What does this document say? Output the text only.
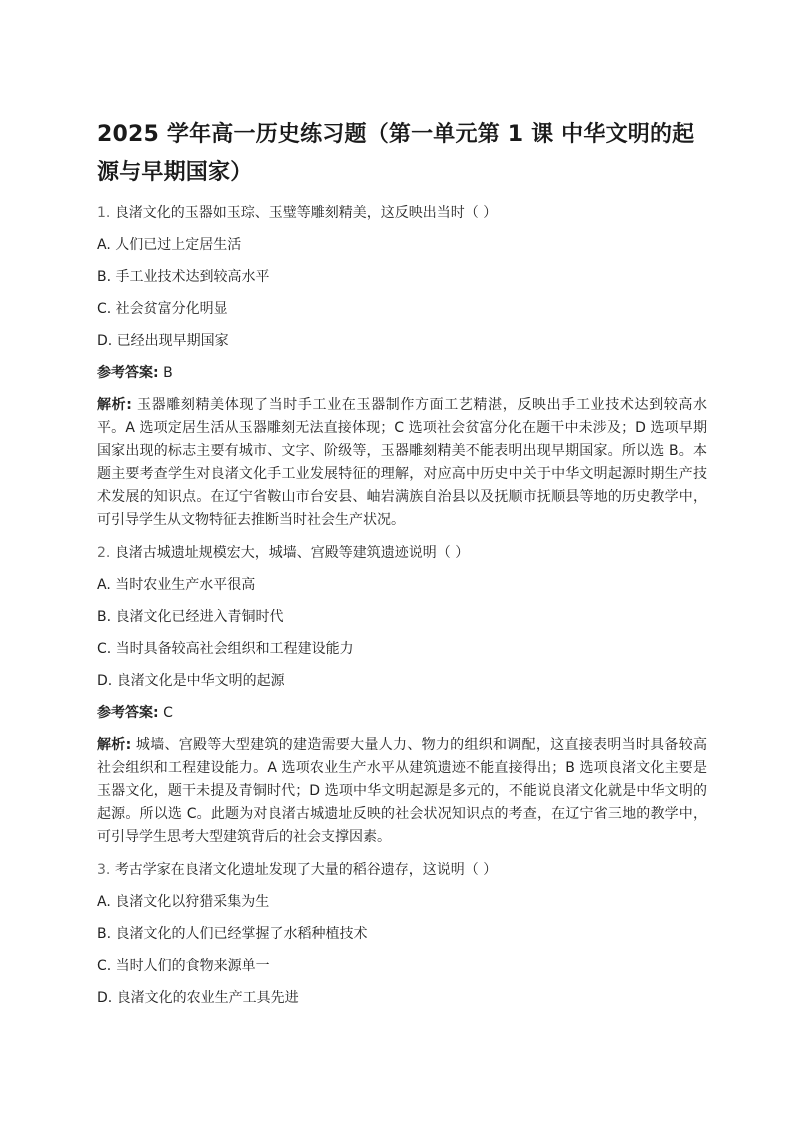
2025 学年高一历史练习题（第一单元第 1 课 中华文明的起源与早期国家）

1. 良渚文化的玉器如玉琮、玉璧等雕刻精美，这反映出当时（ ）

A. 人们已过上定居生活

B. 手工业技术达到较高水平

C. 社会贫富分化明显

D. 已经出现早期国家

参考答案: B

解析: 玉器雕刻精美体现了当时手工业在玉器制作方面工艺精湛，反映出手工业技术达到较高水平。A 选项定居生活从玉器雕刻无法直接体现；C 选项社会贫富分化在题干中未涉及；D 选项早期国家出现的标志主要有城市、文字、阶级等，玉器雕刻精美不能表明出现早期国家。所以选 B。本题主要考查学生对良渚文化手工业发展特征的理解，对应高中历史中关于中华文明起源时期生产技术发展的知识点。在辽宁省鞍山市台安县、岫岩满族自治县以及抚顺市抚顺县等地的历史教学中，可引导学生从文物特征去推断当时社会生产状况。

2. 良渚古城遗址规模宏大，城墙、宫殿等建筑遗迹说明（ ）

A. 当时农业生产水平很高

B. 良渚文化已经进入青铜时代

C. 当时具备较高社会组织和工程建设能力

D. 良渚文化是中华文明的起源

参考答案: C

解析: 城墙、宫殿等大型建筑的建造需要大量人力、物力的组织和调配，这直接表明当时具备较高社会组织和工程建设能力。A 选项农业生产水平从建筑遗迹不能直接得出；B 选项良渚文化主要是玉器文化，题干未提及青铜时代；D 选项中华文明起源是多元的，不能说良渚文化就是中华文明的起源。所以选 C。此题为对良渚古城遗址反映的社会状况知识点的考查，在辽宁省三地的教学中，可引导学生思考大型建筑背后的社会支撑因素。

3. 考古学家在良渚文化遗址发现了大量的稻谷遗存，这说明（ ）

A. 良渚文化以狩猎采集为生

B. 良渚文化的人们已经掌握了水稻种植技术

C. 当时人们的食物来源单一

D. 良渚文化的农业生产工具先进
